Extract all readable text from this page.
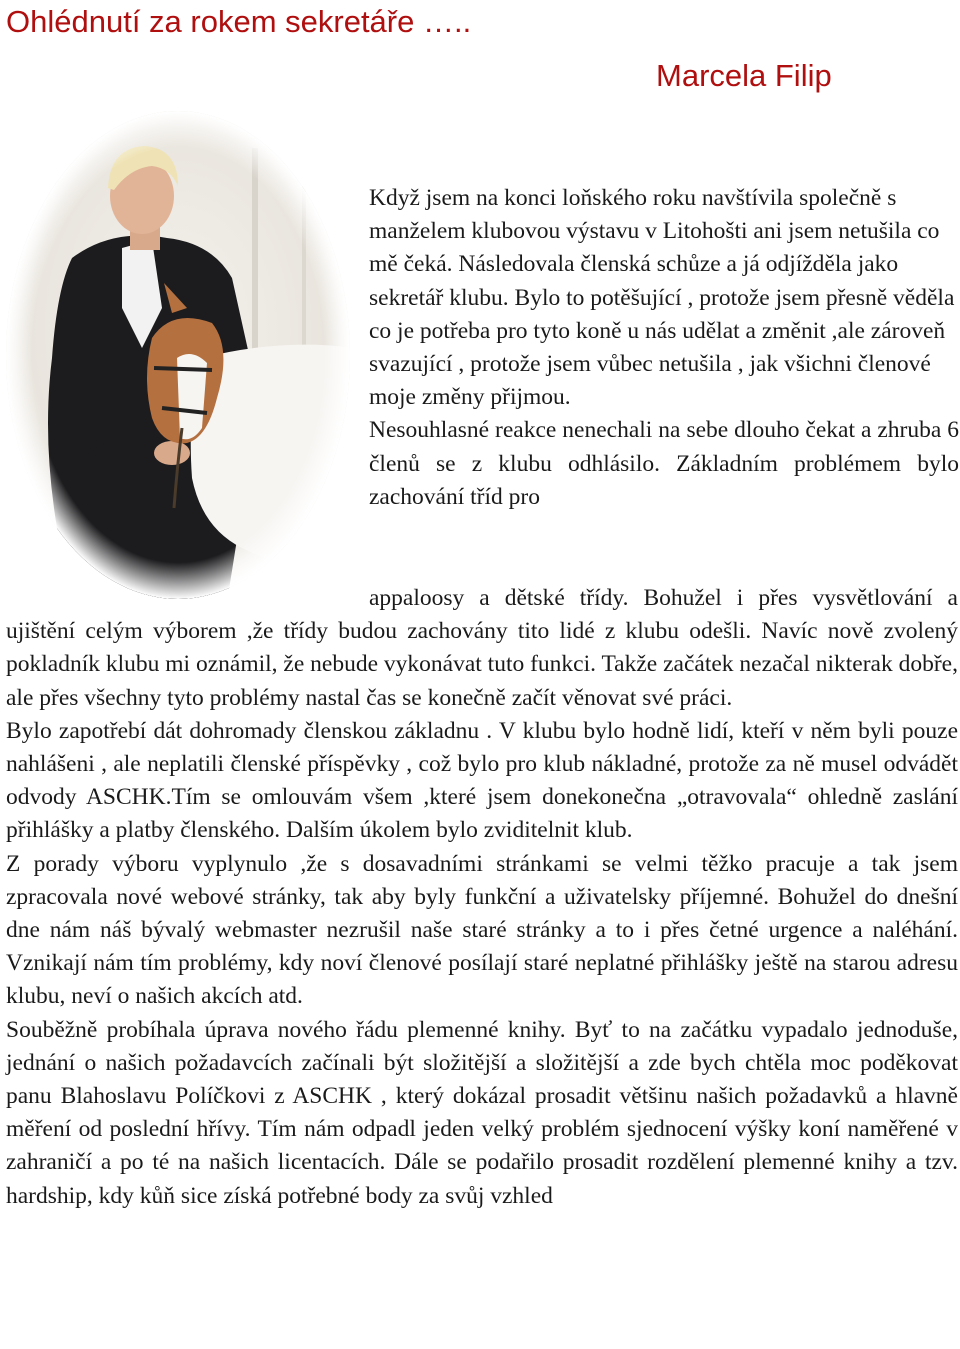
Ohlédnutí za rokem sekretáře …..
Marcela Filip

Když jsem na konci loňského roku navštívila společně s manželem klubovou výstavu v Litohošti ani jsem netušila co mě čeká. Následovala členská schůze a já odjížděla jako sekretář klubu. Bylo to potěšující , protože jsem přesně věděla co je potřeba pro tyto koně u nás udělat a změnit ,ale zároveň svazující , protože jsem vůbec netušila , jak všichni členové moje změny přijmou.

Nesouhlasné reakce nenechali na sebe dlouho čekat a zhruba 6 členů se z klubu odhlásilo. Základním problémem bylo zachování tříd pro

appaloosy a dětské třídy. Bohužel i přes vysvětlování a ujištění celým výborem ,že třídy budou zachovány tito lidé z klubu odešli. Navíc nově zvolený pokladník klubu mi oznámil, že nebude vykonávat tuto funkci. Takže začátek nezačal nikterak dobře, ale přes všechny tyto problémy nastal čas se konečně začít věnovat své práci.

Bylo zapotřebí dát dohromady členskou základnu . V klubu bylo hodně lidí, kteří v něm byli pouze nahlášeni , ale neplatili členské příspěvky , což bylo pro klub nákladné, protože za ně musel odvádět odvody ASCHK.Tím se omlouvám všem ,které jsem donekonečna „otravovala“ ohledně zaslání přihlášky a platby členského. Dalším úkolem bylo zviditelnit klub.

Z porady výboru vyplynulo ,že s dosavadními stránkami se velmi těžko pracuje a tak jsem zpracovala nové webové stránky, tak aby byly funkční a uživatelsky příjemné. Bohužel do dnešní dne nám náš bývalý webmaster nezrušil naše staré stránky a to i přes četné urgence a naléhání. Vznikají nám tím problémy, kdy noví členové posílají staré neplatné přihlášky ještě na starou adresu klubu, neví o našich akcích atd.

Souběžně probíhala úprava nového řádu plemenné knihy. Byť to na začátku vypadalo jednoduše, jednání o našich požadavcích začínali být složitější a složitější a zde bych chtěla moc poděkovat panu Blahoslavu Políčkovi z ASCHK , který dokázal prosadit většinu našich požadavků a hlavně měření od poslední hřívy. Tím nám odpadl jeden velký problém sjednocení výšky koní naměřené v zahraničí a po té na našich licentacích. Dále se podařilo prosadit rozdělení plemenné knihy a tzv. hardship, kdy kůň sice získá potřebné body za svůj vzhled
